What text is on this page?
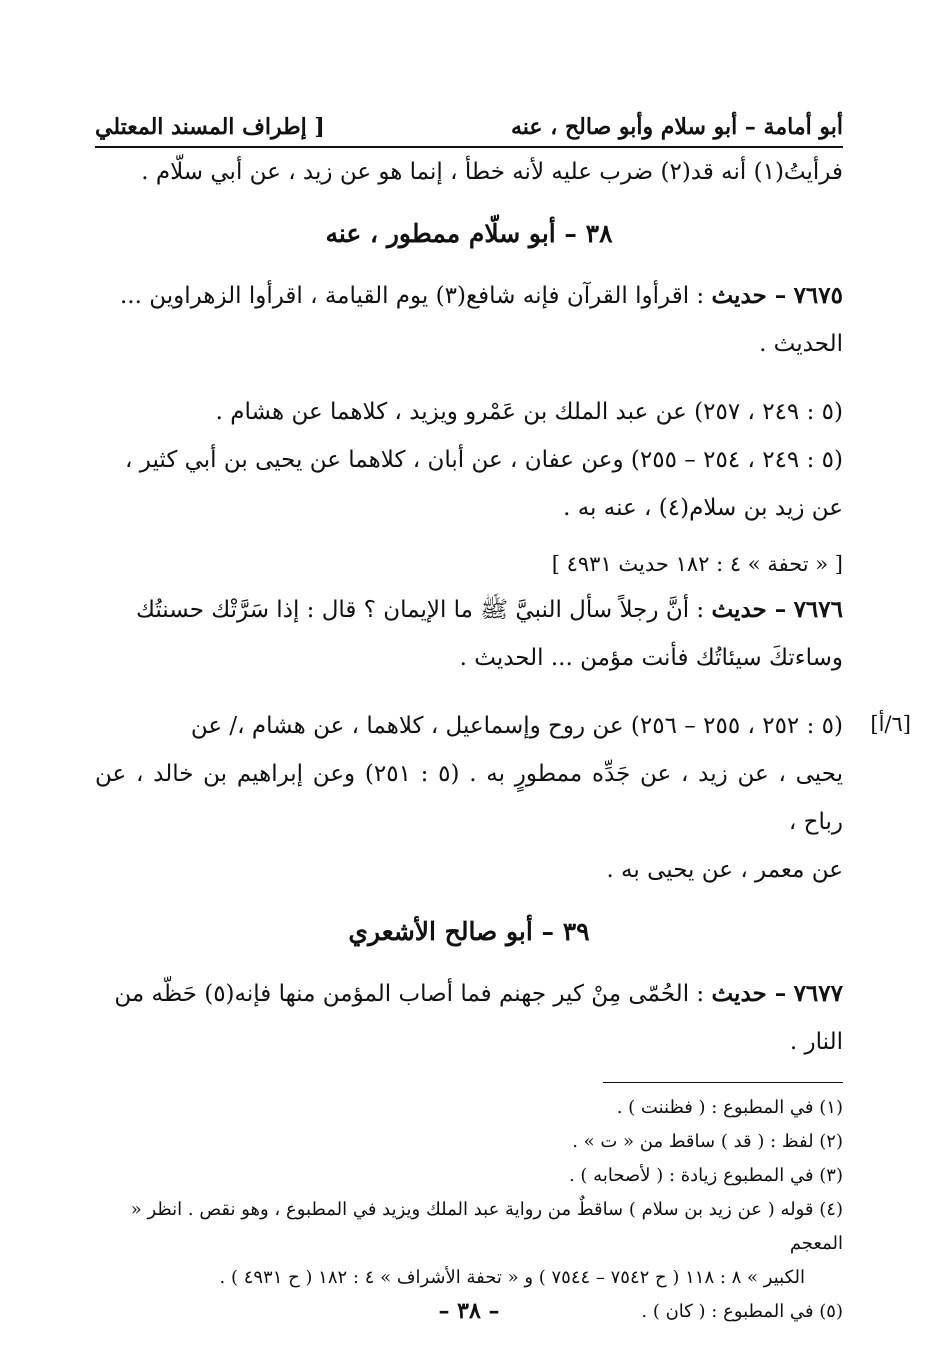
أبو أمامة – أبو سلام وأبو صالح ، عنه
[ إطراف المسند المعتلي
فرأيتُ(١) أنه قد(٢) ضرب عليه لأنه خطأ ، إنما هو عن زيد ، عن أبي سلّام .
٣٨ – أبو سلّام ممطور ، عنه
٧٦٧٥ – حديث : اقرأوا القرآن فإنه شافع(٣) يوم القيامة ، اقرأوا الزهراوين ...
الحديث .
(٥ : ٢٤٩ ، ٢٥٧) عن عبد الملك بن عَمْرو ويزيد ، كلاهما عن هشام .
(٥ : ٢٤٩ ، ٢٥٤ – ٢٥٥) وعن عفان ، عن أبان ، كلاهما عن يحيى بن أبي كثير ،
عن زيد بن سلام(٤) ، عنه به .
[ « تحفة » ٤ : ١٨٢ حديث ٤٩٣١ ]
٧٦٧٦ – حديث : أنَّ رجلاً سأل النبيَّ ﷺ ما الإيمان ؟ قال : إذا سَرَّتْك حسنتُك
وساءتكَ سيئاتُك فأنت مؤمن ... الحديث .
[٦/أ]
(٥ : ٢٥٢ ، ٢٥٥ – ٢٥٦) عن روح وإسماعيل ، كلاهما ، عن هشام ،/ عن
يحيى ، عن زيد ، عن جَدِّه ممطورٍ به . (٥ : ٢٥١) وعن إبراهيم بن خالد ، عن رباح ،
عن معمر ، عن يحيى به .
٣٩ – أبو صالح الأشعري
٧٦٧٧ – حديث : الحُمّى مِنْ كير جهنم فما أصاب المؤمن منها فإنه(٥) حَظّه من
النار .
(١) في المطبوع : ( فظننت ) .
(٢) لفظ : ( قد ) ساقط من « ت » .
(٣) في المطبوع زيادة : ( لأصحابه ) .
(٤) قوله ( عن زيد بن سلام ) ساقطٌ من رواية عبد الملك ويزيد في المطبوع ، وهو نقص . انظر « المعجم
الكبير » ٨ : ١١٨ ( ح ٧٥٤٢ – ٧٥٤٤ ) و « تحفة الأشراف » ٤ : ١٨٢ ( ح ٤٩٣١ ) .
(٥) في المطبوع : ( كان ) .
– ٣٨ –
